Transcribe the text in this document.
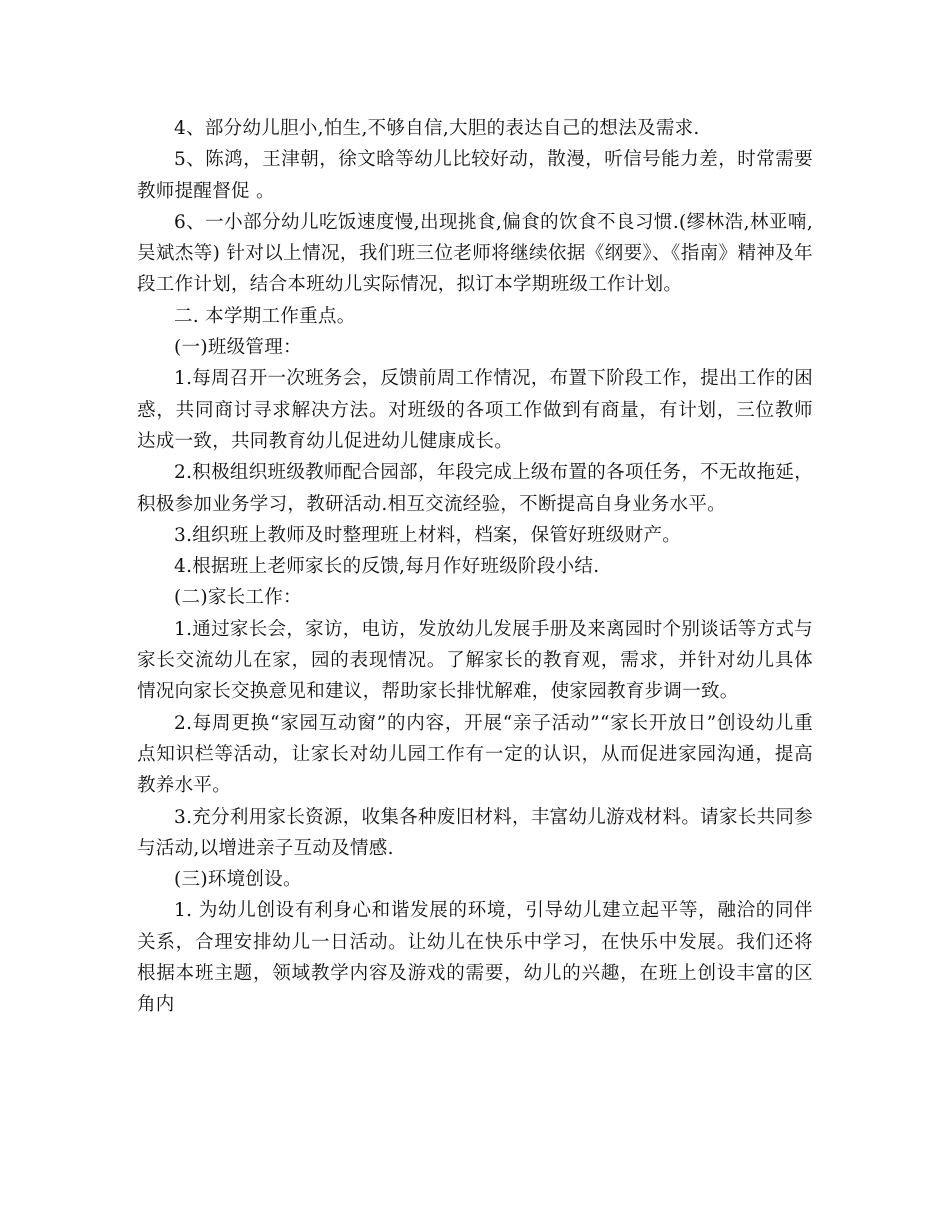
4、部分幼儿胆小,怕生,不够自信,大胆的表达自己的想法及需求.

5、陈鸿，王津朝，徐文晗等幼儿比较好动，散漫，听信号能力差，时常需要教师提醒督促 。

6、一小部分幼儿吃饭速度慢,出现挑食,偏食的饮食不良习惯.(缪林浩,林亚喃,吴斌杰等) 针对以上情况，我们班三位老师将继续依据《纲要》、《指南》精神及年段工作计划，结合本班幼儿实际情况，拟订本学期班级工作计划。

二. 本学期工作重点。

(一)班级管理：

1.每周召开一次班务会，反馈前周工作情况，布置下阶段工作，提出工作的困惑，共同商讨寻求解决方法。对班级的各项工作做到有商量，有计划，三位教师达成一致，共同教育幼儿促进幼儿健康成长。

2.积极组织班级教师配合园部，年段完成上级布置的各项任务，不无故拖延，积极参加业务学习，教研活动.相互交流经验，不断提高自身业务水平。

3.组织班上教师及时整理班上材料，档案，保管好班级财产。

4.根据班上老师家长的反馈,每月作好班级阶段小结.

(二)家长工作：

1.通过家长会，家访，电访，发放幼儿发展手册及来离园时个别谈话等方式与家长交流幼儿在家，园的表现情况。了解家长的教育观，需求，并针对幼儿具体情况向家长交换意见和建议，帮助家长排忧解难，使家园教育步调一致。

2.每周更换“家园互动窗”的内容，开展“亲子活动”“家长开放日”创设幼儿重点知识栏等活动，让家长对幼儿园工作有一定的认识，从而促进家园沟通，提高教养水平。

3.充分利用家长资源，收集各种废旧材料，丰富幼儿游戏材料。请家长共同参与活动,以增进亲子互动及情感.

(三)环境创设。

1. 为幼儿创设有利身心和谐发展的环境，引导幼儿建立起平等，融洽的同伴关系，合理安排幼儿一日活动。让幼儿在快乐中学习，在快乐中发展。我们还将根据本班主题，领域教学内容及游戏的需要，幼儿的兴趣，在班上创设丰富的区角内
